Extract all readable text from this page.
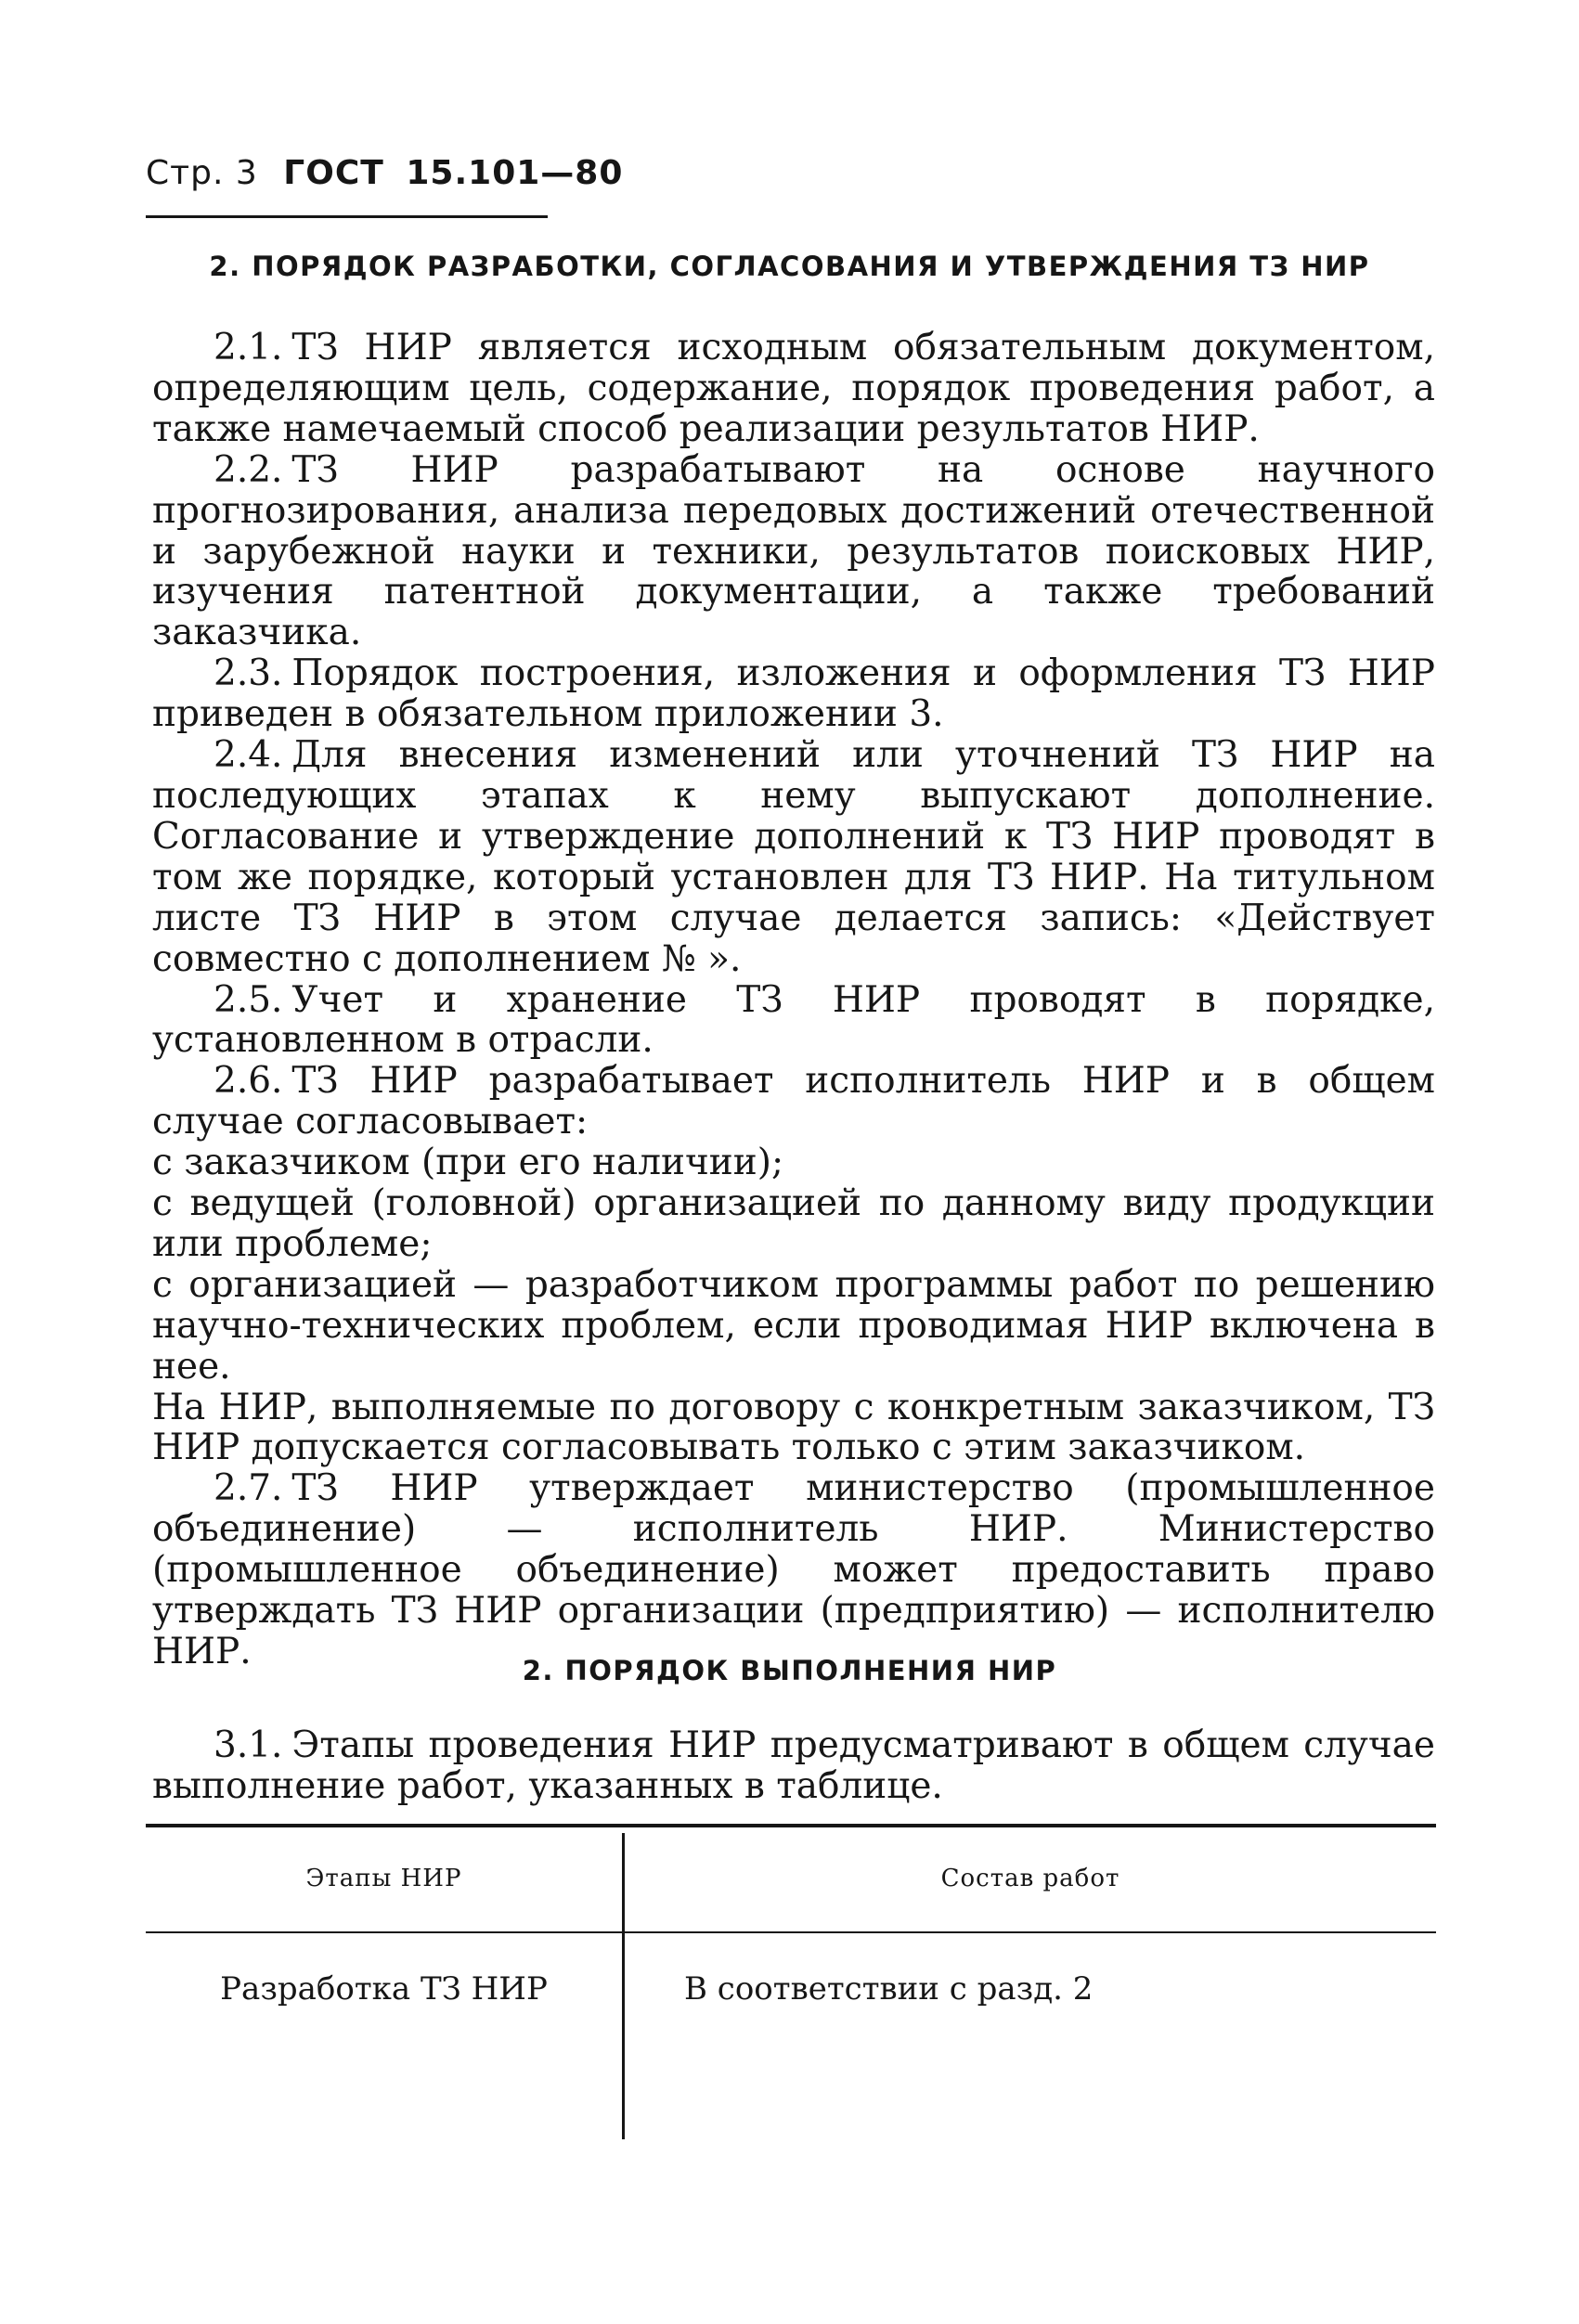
Стр. 3 ГОСТ 15.101—80
2. ПОРЯДОК РАЗРАБОТКИ, СОГЛАСОВАНИЯ И УТВЕРЖДЕНИЯ ТЗ НИР

2.1. ТЗ НИР является исходным обязательным документом, определяющим цель, содержание, порядок проведения работ, а также намечаемый способ реализации результатов НИР.

2.2. ТЗ НИР разрабатывают на основе научного прогнозирования, анализа передовых достижений отечественной и зарубежной науки и техники, результатов поисковых НИР, изучения патентной документации, а также требований заказчика.

2.3. Порядок построения, изложения и оформления ТЗ НИР приведен в обязательном приложении 3.

2.4. Для внесения изменений или уточнений ТЗ НИР на последующих этапах к нему выпускают дополнение. Согласование и утверждение дополнений к ТЗ НИР проводят в том же порядке, который установлен для ТЗ НИР. На титульном листе ТЗ НИР в этом случае делается запись: «Действует совместно с дополнением № ».

2.5. Учет и хранение ТЗ НИР проводят в порядке, установленном в отрасли.

2.6. ТЗ НИР разрабатывает исполнитель НИР и в общем случае согласовывает:

с заказчиком (при его наличии);

с ведущей (головной) организацией по данному виду продукции или проблеме;

с организацией — разработчиком программы работ по решению научно-технических проблем, если проводимая НИР включена в нее.

На НИР, выполняемые по договору с конкретным заказчиком, ТЗ НИР допускается согласовывать только с этим заказчиком.

2.7. ТЗ НИР утверждает министерство (промышленное объединение) — исполнитель НИР. Министерство (промышленное объединение) может предоставить право утверждать ТЗ НИР организации (предприятию) — исполнителю НИР.	2. ПОРЯДОК ВЫПОЛНЕНИЯ НИР

3.1. Этапы проведения НИР предусматривают в общем случае выполнение работ, указанных в таблице.

Этапы НИР	Состав работ
Разработка ТЗ НИР	В соответствии с разд. 2
